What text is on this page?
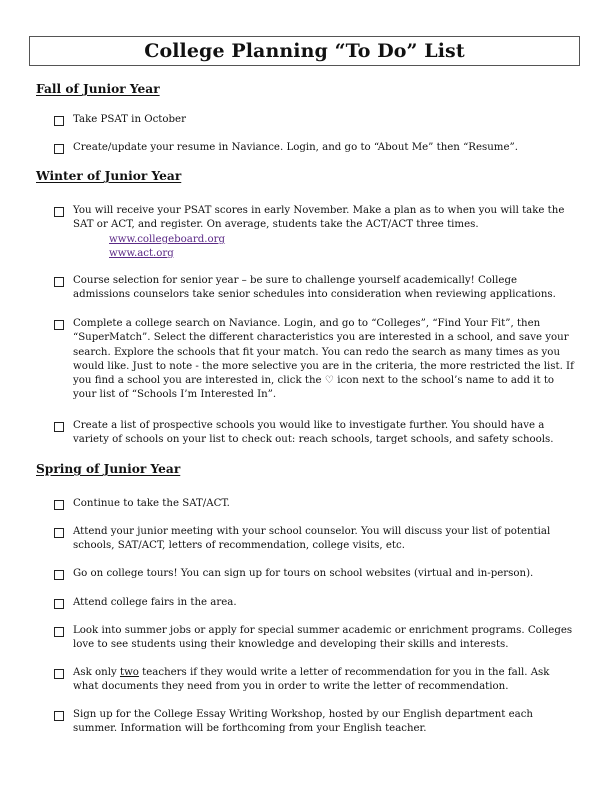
College Planning “To Do” List
Fall of Junior Year
Take PSAT in October
Create/update your resume in Naviance. Login, and go to “About Me” then “Resume”.
Winter of Junior Year
You will receive your PSAT scores in early November. Make a plan as to when you will take the SAT or ACT, and register. On average, students take the ACT/ACT three times.
www.collegeboard.org
www.act.org
Course selection for senior year – be sure to challenge yourself academically! College admissions counselors take senior schedules into consideration when reviewing applications.
Complete a college search on Naviance. Login, and go to “Colleges”, “Find Your Fit”, then “SuperMatch”. Select the different characteristics you are interested in a school, and save your search. Explore the schools that fit your match. You can redo the search as many times as you would like. Just to note - the more selective you are in the criteria, the more restricted the list. If you find a school you are interested in, click the ♡ icon next to the school’s name to add it to your list of “Schools I’m Interested In”.
Create a list of prospective schools you would like to investigate further. You should have a variety of schools on your list to check out: reach schools, target schools, and safety schools.
Spring of Junior Year
Continue to take the SAT/ACT.
Attend your junior meeting with your school counselor. You will discuss your list of potential schools, SAT/ACT, letters of recommendation, college visits, etc.
Go on college tours! You can sign up for tours on school websites (virtual and in-person).
Attend college fairs in the area.
Look into summer jobs or apply for special summer academic or enrichment programs. Colleges love to see students using their knowledge and developing their skills and interests.
Ask only two teachers if they would write a letter of recommendation for you in the fall. Ask what documents they need from you in order to write the letter of recommendation.
Sign up for the College Essay Writing Workshop, hosted by our English department each summer. Information will be forthcoming from your English teacher.
